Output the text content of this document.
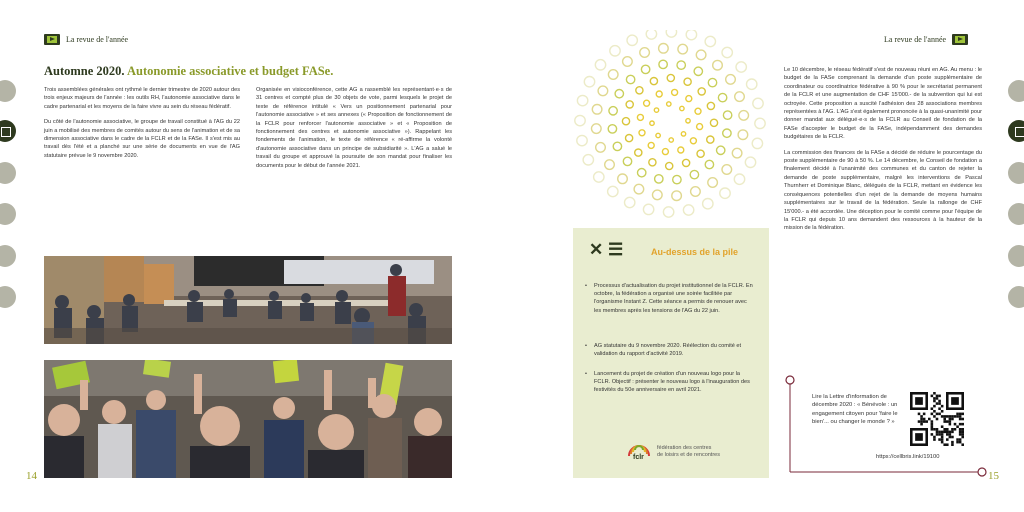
La revue de l'année
Automne 2020. Autonomie associative et budget FASe.

Trois assemblées générales ont rythmé le dernier trimestre de 2020 autour des trois enjeux majeurs de l'année : les outils RH, l'autonomie associative dans le cadre partenarial et les moyens de la faire vivre au sein du réseau fédératif.

Du côté de l'autonomie associative, le groupe de travail constitué à l'AG du 22 juin a mobilisé des membres de comités autour du sens de l'animation et de sa dimension associative dans le cadre de la FCLR et de la FASe. Il s'est mis au travail dès l'été et a planché sur une série de documents en vue de l'AG statutaire prévue le 9 novembre 2020.

Organisée en visioconférence, cette AG a rassemblé les représentant·e·s de 31 centres et compté plus de 30 objets de vote, parmi lesquels le projet de texte de référence intitulé « Vers un positionnement partenarial pour l'autonomie associative » et ses annexes (« Proposition de fonctionnement de la FCLR pour renforcer l'autonomie associative » et « Proposition de fonctionnement des centres et autonomie associative »). Rappelant les fondements de l'animation, le texte de référence « ré-affirme la volonté d'autonomie associative dans un principe de subsidiarité ». L'AG a salué le travail du groupe et approuvé la poursuite de son mandat pour finaliser les documents pour le début de l'année 2021.

14
La revue de l'année

Le 10 décembre, le réseau fédératif s'est de nouveau réuni en AG. Au menu : le budget de la FASe comprenant la demande d'un poste supplémentaire de coordinateur ou coordinatrice fédérative à 90 % pour le secrétariat permanent de la FCLR et une augmentation de CHF 15'000.- de la subvention qui lui est octroyée. Cette proposition a suscité l'adhésion des 28 associations membres représentées à l'AG. L'AG s'est également prononcée à la quasi-unanimité pour donner mandat aux délégué·e·s de la FCLR au Conseil de fondation de la FASe d'accepter le budget de la FASe, indépendamment des demandes budgétaires de la FCLR.

La commission des finances de la FASe a décidé de réduire le pourcentage du poste supplémentaire de 90 à 50 %. Le 14 décembre, le Conseil de fondation a finalement décidé à l'unanimité des communes et du canton de rejeter la demande de poste supplémentaire, malgré les interventions de Pascal Thurnherr et Dominique Blanc, délégués de la FCLR, mettant en évidence les conséquences potentielles d'un rejet de la demande de moyens humains supplémentaires sur le travail de la fédération. Seule la rallonge de CHF 15'000.- a été accordée. Une déception pour le comité comme pour l'équipe de la FCLR qui depuis 10 ans demandent des ressources à la hauteur de la mission de la fédération.

15
Lire la Lettre d'information de décembre 2020 : « Bénévole : un engagement citoyen pour 'faire le bien'... ou changer le monde ? »
https://cellbris.link/19100
✕ ☰	Au-dessus de la pile
• Processus d'actualisation du projet institutionnel de la FCLR. En octobre, la fédération a organisé une soirée facilitée par l'organisme Instant Z. Cette séance a permis de renouer avec les membres après les tensions de l'AG du 22 juin.
• AG statutaire du 9 novembre 2020. Réélection du comité et validation du rapport d'activité 2019.
• Lancement du projet de création d'un nouveau logo pour la FCLR. Objectif : présenter le nouveau logo à l'inauguration des festivités du 50e anniversaire en avril 2021.
fclr
fédération des centres
de loisirs et de rencontres
